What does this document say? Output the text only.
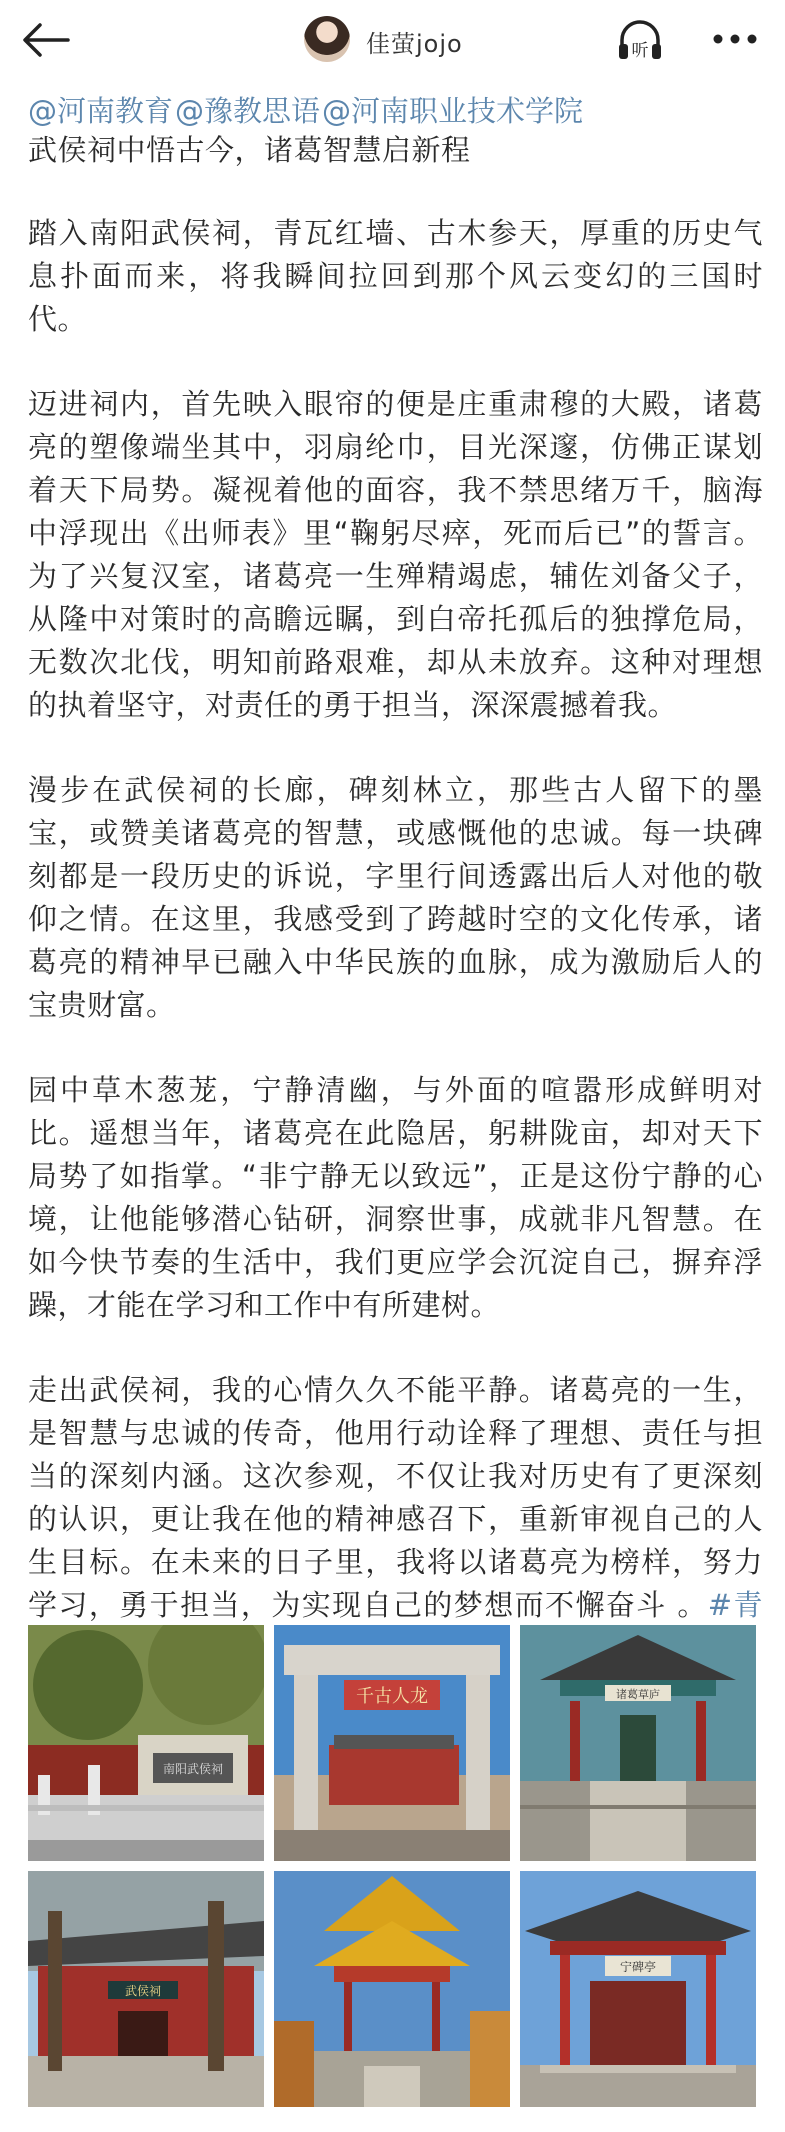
佳萤jojo	听
@河南教育@豫教思语@河南职业技术学院

武侯祠中悟古今，诸葛智慧启新程

踏入南阳武侯祠，青瓦红墙、古木参天，厚重的历史气息扑面而来，将我瞬间拉回到那个风云变幻的三国时代。

迈进祠内，首先映入眼帘的便是庄重肃穆的大殿，诸葛亮的塑像端坐其中，羽扇纶巾，目光深邃，仿佛正谋划着天下局势。凝视着他的面容，我不禁思绪万千，脑海中浮现出《出师表》里“鞠躬尽瘁，死而后已”的誓言。为了兴复汉室，诸葛亮一生殚精竭虑，辅佐刘备父子，从隆中对策时的高瞻远瞩，到白帝托孤后的独撑危局，无数次北伐，明知前路艰难，却从未放弃。这种对理想的执着坚守，对责任的勇于担当，深深震撼着我。

漫步在武侯祠的长廊，碑刻林立，那些古人留下的墨宝，或赞美诸葛亮的智慧，或感慨他的忠诚。每一块碑刻都是一段历史的诉说，字里行间透露出后人对他的敬仰之情。在这里，我感受到了跨越时空的文化传承，诸葛亮的精神早已融入中华民族的血脉，成为激励后人的宝贵财富。

园中草木葱茏，宁静清幽，与外面的喧嚣形成鲜明对比。遥想当年，诸葛亮在此隐居，躬耕陇亩，却对天下局势了如指掌。“非宁静无以致远”，正是这份宁静的心境，让他能够潜心钻研，洞察世事，成就非凡智慧。在如今快节奏的生活中，我们更应学会沉淀自己，摒弃浮躁，才能在学习和工作中有所建树。

走出武侯祠，我的心情久久不能平静。诸葛亮的一生，是智慧与忠诚的传奇，他用行动诠释了理想、责任与担当的深刻内涵。这次参观，不仅让我对历史有了更深刻的认识，更让我在他的精神感召下，重新审视自己的人生目标。在未来的日子里，我将以诸葛亮为榜样，努力学习，勇于担当，为实现自己的梦想而不懈奋斗 。#青

南阳武侯祠
千古人龙	诸葛草庐
武侯祠
宁碑亭
